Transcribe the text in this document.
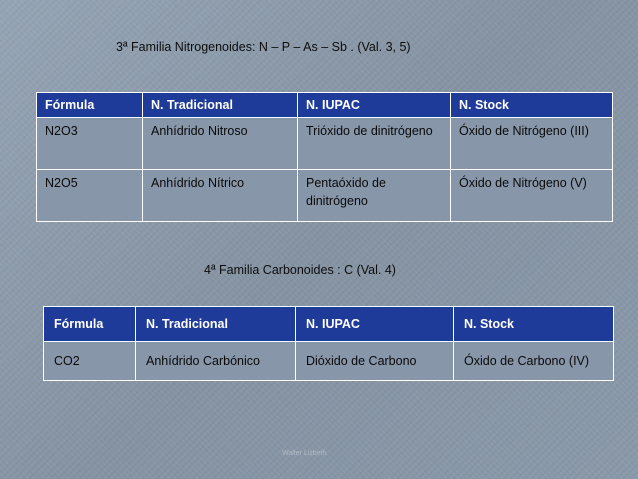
3ª Familia Nitrogenoides: N – P – As – Sb . (Val. 3, 5)
Fórmula	N. Tradicional	N. IUPAC	N. Stock
N2O3	Anhídrido Nitroso	Trióxido de dinitrógeno	Óxido de Nitrógeno (III)
N2O5	Anhídrido Nítrico	Pentaóxido de dinitrógeno	Óxido de Nitrógeno (V)
4ª Familia Carbonoides : C (Val. 4)
Fórmula	N. Tradicional	N. IUPAC	N. Stock
CO2	Anhídrido Carbónico	Dióxido de Carbono	Óxido de Carbono (IV)
Walter Lizbeth
